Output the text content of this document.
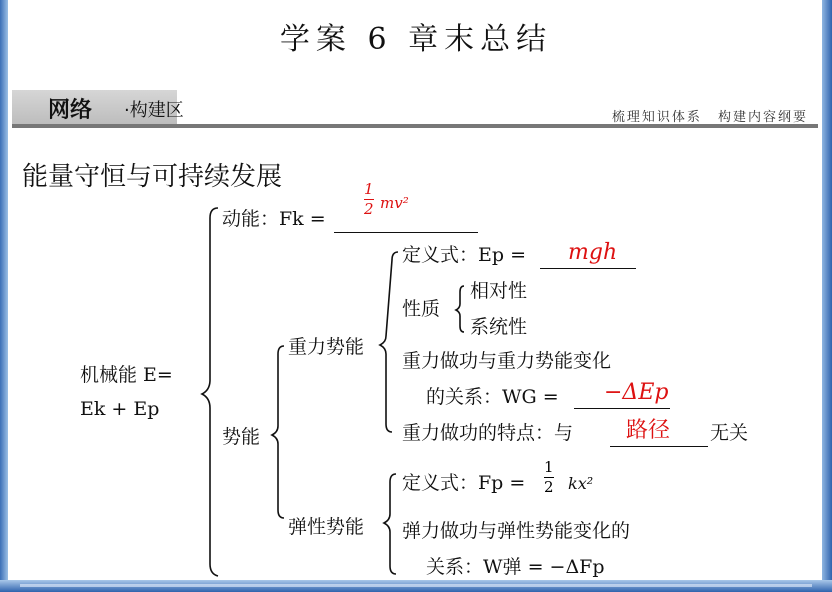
学案 6 章末总结
网络 ·构建区	梳理知识体系 构建内容纲要
能量守恒与可持续发展
机械能 E=
Ek + Ep
动能：Fk =
1
2 mv²
势能
重力势能
定义式：Ep = mgh
性质
相对性
系统性
重力做功与重力势能变化
的关系：WG = −ΔEp
重力做功的特点：与 路径 无关
弹性势能
定义式：Fp =
1
2 kx²
弹力做功与弹性势能变化的
关系：W弹 = −ΔFp
